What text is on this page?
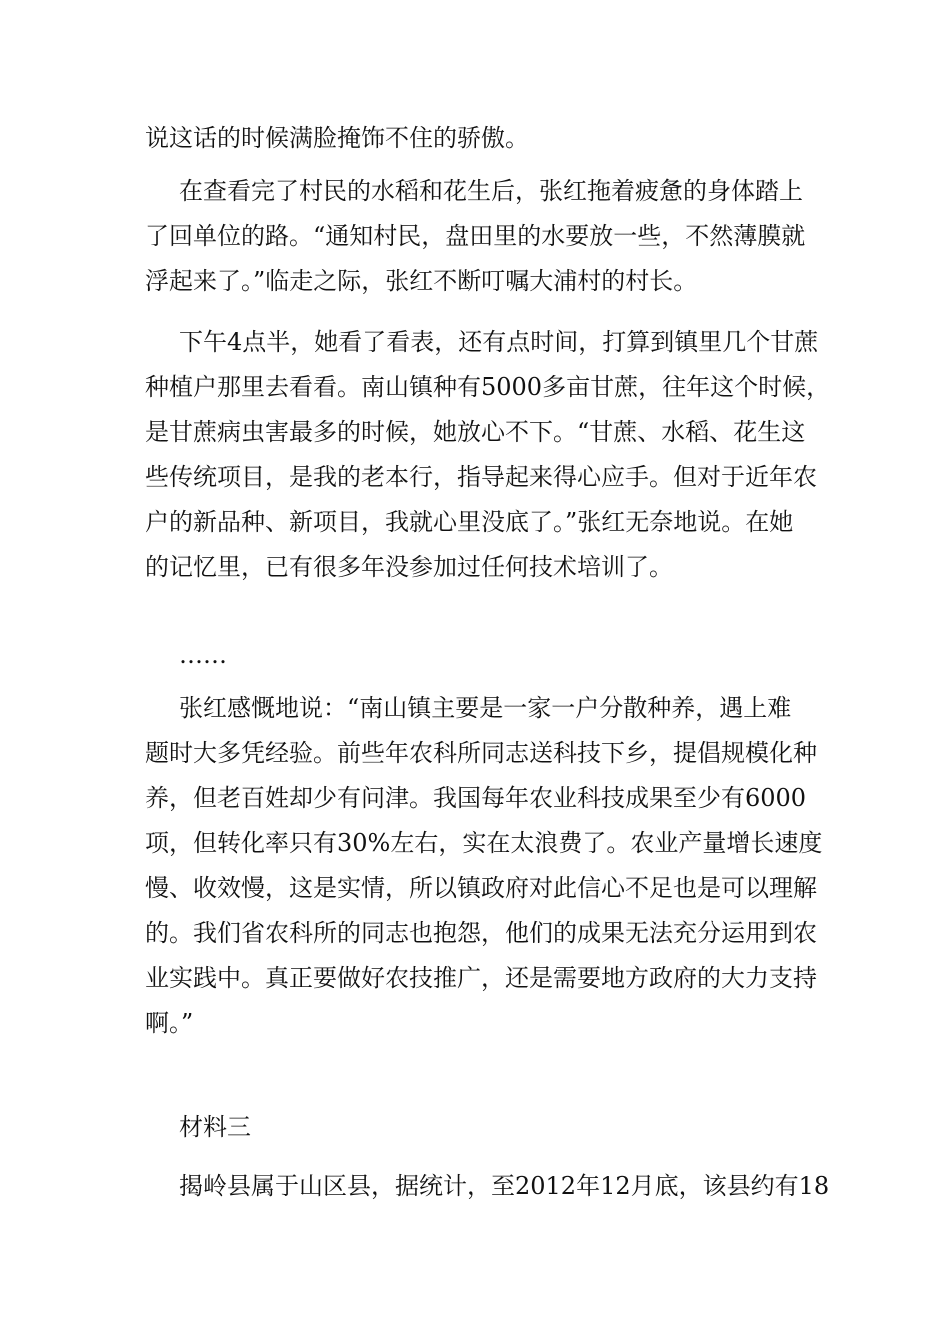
说这话的时候满脸掩饰不住的骄傲。
在查看完了村民的水稻和花生后，张红拖着疲惫的身体踏上
了回单位的路。“通知村民，盘田里的水要放一些，不然薄膜就
浮起来了。”临走之际，张红不断叮嘱大浦村的村长。
下午4点半，她看了看表，还有点时间，打算到镇里几个甘蔗
种植户那里去看看。南山镇种有5000多亩甘蔗，往年这个时候，
是甘蔗病虫害最多的时候，她放心不下。“甘蔗、水稻、花生这
些传统项目，是我的老本行，指导起来得心应手。但对于近年农
户的新品种、新项目，我就心里没底了。”张红无奈地说。在她
的记忆里，已有很多年没参加过任何技术培训了。
……
张红感慨地说：“南山镇主要是一家一户分散种养，遇上难
题时大多凭经验。前些年农科所同志送科技下乡，提倡规模化种
养，但老百姓却少有问津。我国每年农业科技成果至少有6000
项，但转化率只有30%左右，实在太浪费了。农业产量增长速度
慢、收效慢，这是实情，所以镇政府对此信心不足也是可以理解
的。我们省农科所的同志也抱怨，他们的成果无法充分运用到农
业实践中。真正要做好农技推广，还是需要地方政府的大力支持
啊。”
材料三
揭岭县属于山区县，据统计，至2012年12月底，该县约有18
